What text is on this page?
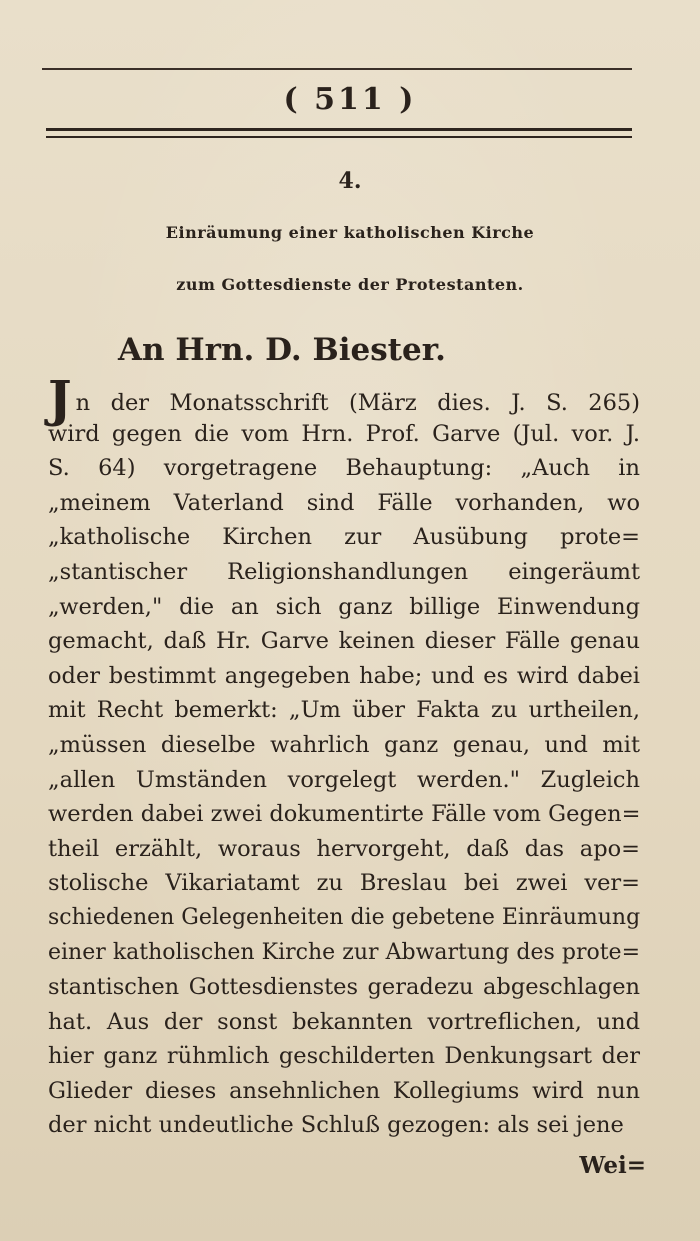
( 511 )
4.
Einräumung einer katholischen Kirche
zum Gottesdienste der Protestanten.
An Hrn. D. Biester.
Jn der Monatsschrift (März dies. J. S. 265)
wird gegen die vom Hrn. Prof. Garve (Jul. vor. J.
S. 64) vorgetragene Behauptung: „Auch in
„meinem Vaterland sind Fälle vorhanden, wo
„katholische Kirchen zur Ausübung prote=
„stantischer Religionshandlungen eingeräumt
„werden," die an sich ganz billige Einwendung
gemacht, daß Hr. Garve keinen dieser Fälle genau
oder bestimmt angegeben habe; und es wird dabei
mit Recht bemerkt: „Um über Fakta zu urtheilen,
„müssen dieselbe wahrlich ganz genau, und mit
„allen Umständen vorgelegt werden." Zugleich
werden dabei zwei dokumentirte Fälle vom Gegen=
theil erzählt, woraus hervorgeht, daß das apo=
stolische Vikariatamt zu Breslau bei zwei ver=
schiedenen Gelegenheiten die gebetene Einräumung
einer katholischen Kirche zur Abwartung des prote=
stantischen Gottesdienstes geradezu abgeschlagen
hat. Aus der sonst bekannten vortreflichen, und
hier ganz rühmlich geschilderten Denkungsart der
Glieder dieses ansehnlichen Kollegiums wird nun
der nicht undeutliche Schluß gezogen: als sei jene
Wei=
